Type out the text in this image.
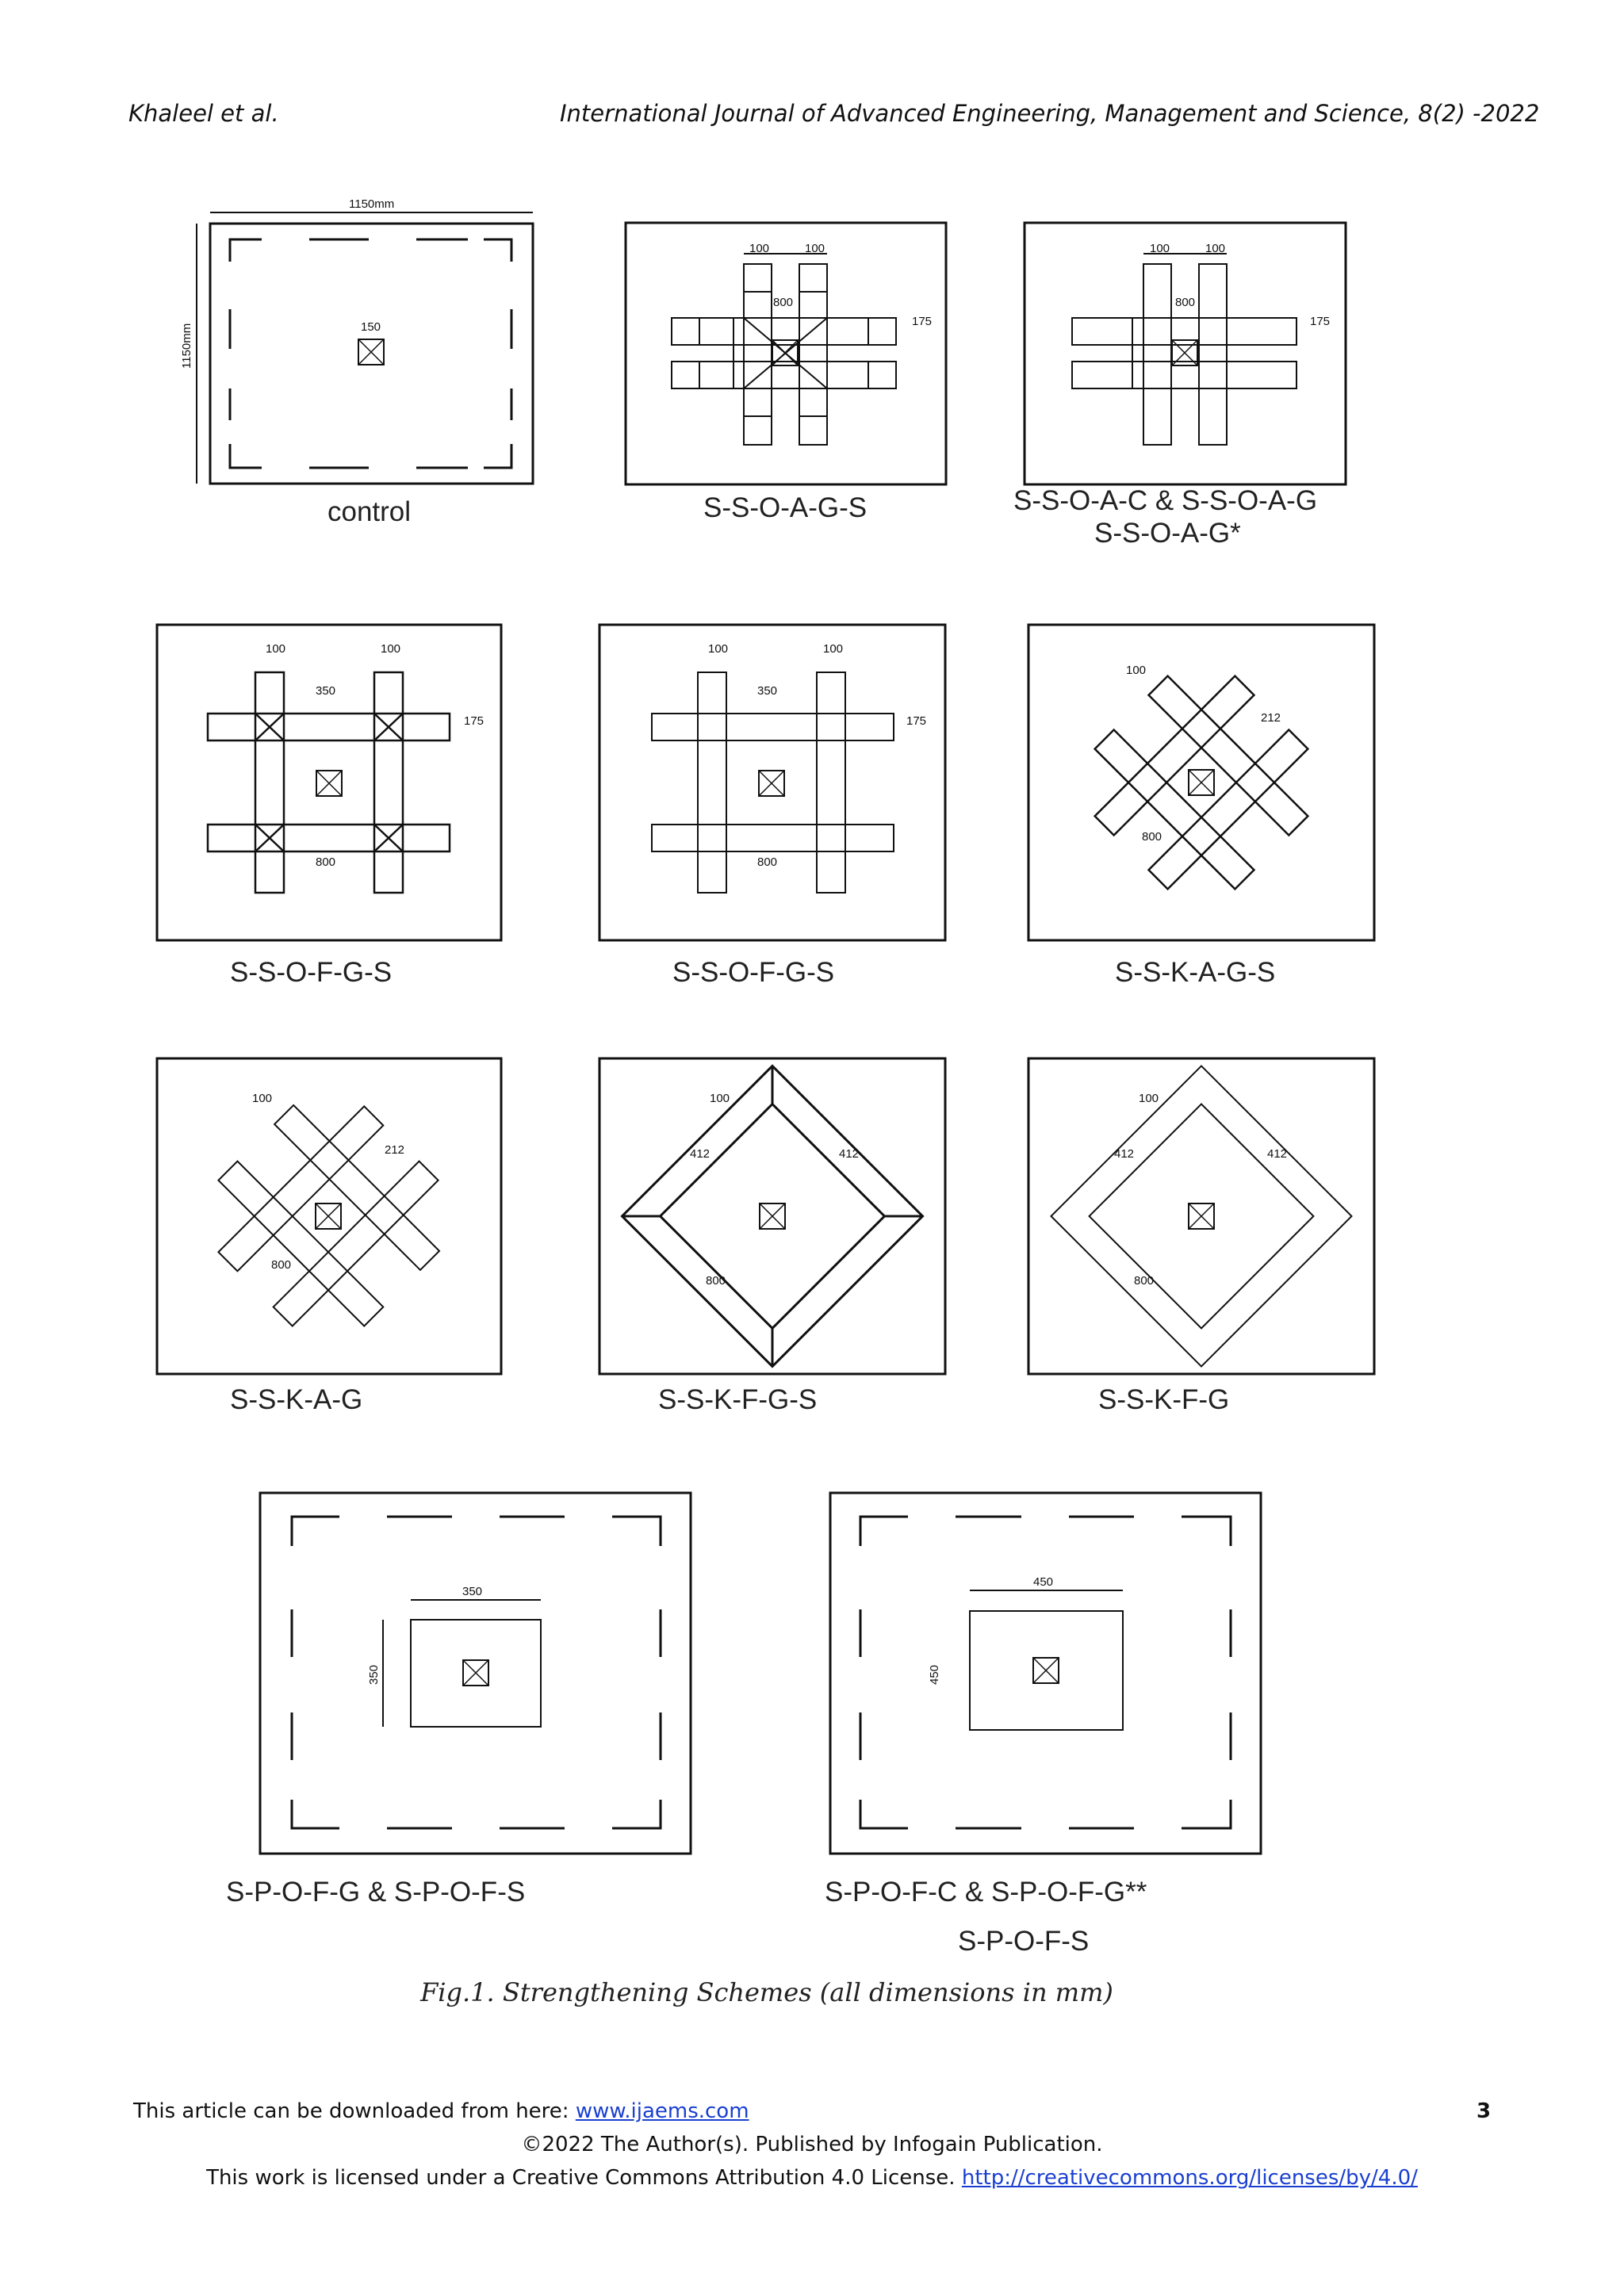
Khaleel et al.	International Journal of Advanced Engineering, Management and Science, 8(2) -2022
1150mm
1150mm	150
control
100	100
800
175
S-S-O-A-G-S
100	100
800
175
S-S-O-A-C & S-S-O-A-G
S-S-O-A-G*
100	100
350
175
800
S-S-O-F-G-S
100	100
350
175
800
S-S-O-F-G-S
100
212
800
S-S-K-A-G-S
100
212
800
S-S-K-A-G
100
412	412
800
S-S-K-F-G-S
100
412	412
800
S-S-K-F-G
350
350
S-P-O-F-G & S-P-O-F-S
450
450
S-P-O-F-C & S-P-O-F-G**
S-P-O-F-S
Fig.1. Strengthening Schemes (all dimensions in mm)
This article can be downloaded from here: www.ijaems.com	3
©2022 The Author(s). Published by Infogain Publication.
This work is licensed under a Creative Commons Attribution 4.0 License. http://creativecommons.org/licenses/by/4.0/
